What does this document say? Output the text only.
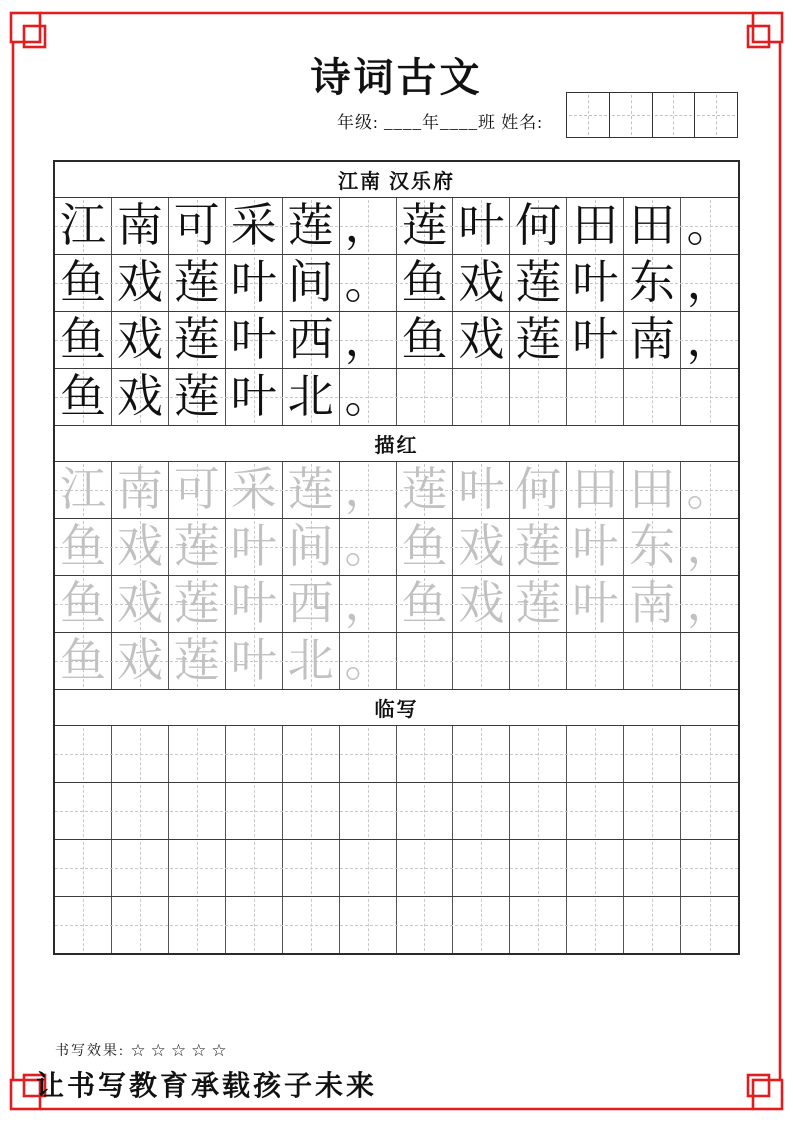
诗词古文
年级: ____年____班 姓名:
江南 汉乐府
江 南 可 采 莲 ， 莲 叶 何 田 田 。
鱼 戏 莲 叶 间 。 鱼 戏 莲 叶 东 ，
鱼 戏 莲 叶 西 ， 鱼 戏 莲 叶 南 ，
鱼 戏 莲 叶 北 。
描红
江 南 可 采 莲 ， 莲 叶 何 田 田 。
鱼 戏 莲 叶 间 。 鱼 戏 莲 叶 东 ，
鱼 戏 莲 叶 西 ， 鱼 戏 莲 叶 南 ，
鱼 戏 莲 叶 北 。
临写
书写效果: ☆☆☆☆☆
让书写教育承载孩子未来
